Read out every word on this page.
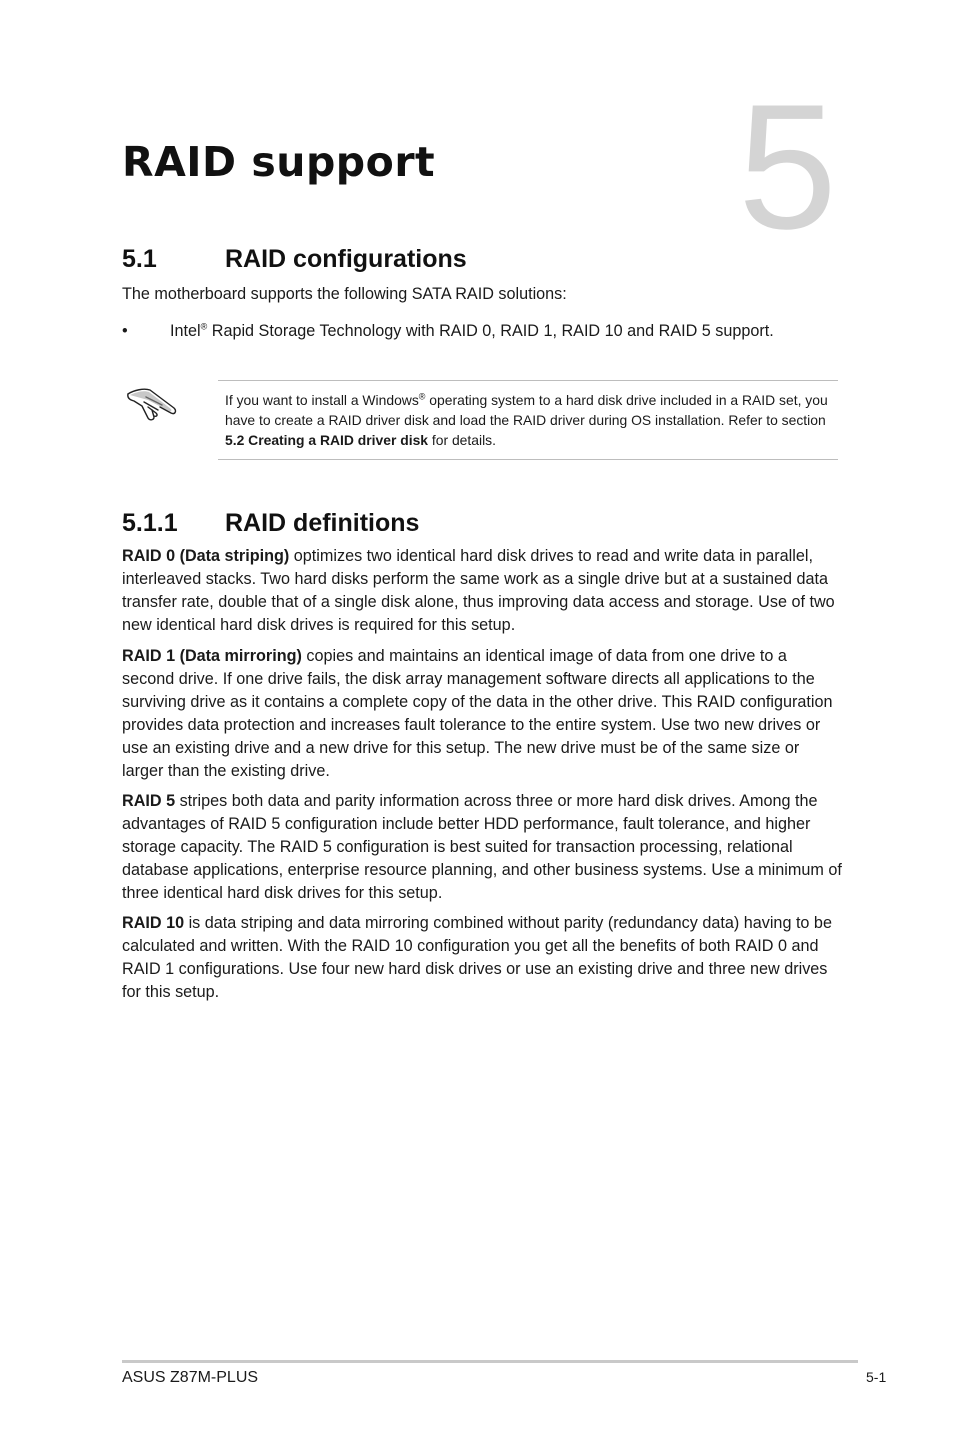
5
RAID support
5.1	RAID configurations

The motherboard supports the following SATA RAID solutions:

•	Intel® Rapid Storage Technology with RAID 0, RAID 1, RAID 10 and RAID 5 support.

If you want to install a Windows® operating system to a hard disk drive included in a RAID set, you have to create a RAID driver disk and load the RAID driver during OS installation. Refer to section 5.2 Creating a RAID driver disk for details.

5.1.1 RAID definitions

RAID 0 (Data striping) optimizes two identical hard disk drives to read and write data in parallel, interleaved stacks. Two hard disks perform the same work as a single drive but at a sustained data transfer rate, double that of a single disk alone, thus improving data access and storage. Use of two new identical hard disk drives is required for this setup.

RAID 1 (Data mirroring) copies and maintains an identical image of data from one drive to a second drive. If one drive fails, the disk array management software directs all applications to the surviving drive as it contains a complete copy of the data in the other drive. This RAID configuration provides data protection and increases fault tolerance to the entire system. Use two new drives or use an existing drive and a new drive for this setup. The new drive must be of the same size or larger than the existing drive.

RAID 5 stripes both data and parity information across three or more hard disk drives. Among the advantages of RAID 5 configuration include better HDD performance, fault tolerance, and higher storage capacity. The RAID 5 configuration is best suited for transaction processing, relational database applications, enterprise resource planning, and other business systems. Use a minimum of three identical hard disk drives for this setup.

RAID 10 is data striping and data mirroring combined without parity (redundancy data) having to be calculated and written. With the RAID 10 configuration you get all the benefits of both RAID 0 and RAID 1 configurations. Use four new hard disk drives or use an existing drive and three new drives for this setup.

ASUS Z87M-PLUS	5-1
